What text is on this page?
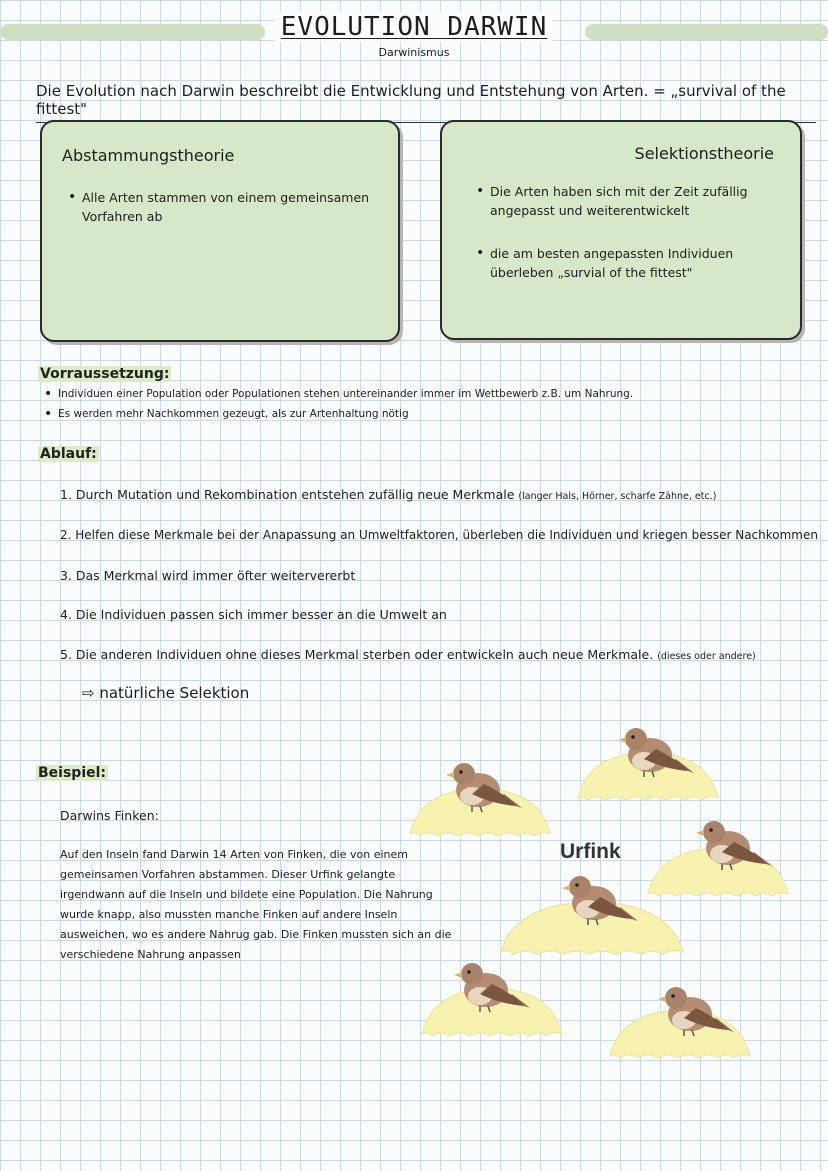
EVOLUTION DARWIN
Darwinismus
Die Evolution nach Darwin beschreibt die Entwicklung und Entstehung von Arten. = „survival of the fittest"
Abstammungstheorie
• Alle Arten stammen von einem gemeinsamen Vorfahren ab
Selektionstheorie
• Die Arten haben sich mit der Zeit zufällig angepasst und weiterentwickelt
• die am besten angepassten Individuen überleben „survial of the fittest"
Vorraussetzung:
• Individuen einer Population oder Populationen stehen untereinander immer im Wettbewerb z.B. um Nahrung.
• Es werden mehr Nachkommen gezeugt, als zur Artenhaltung nötig
Ablauf:
1. Durch Mutation und Rekombination entstehen zufällig neue Merkmale (langer Hals, Hörner, scharfe Zähne, etc.)
2. Helfen diese Merkmale bei der Anapassung an Umweltfaktoren, überleben die Individuen und kriegen besser Nachkommen
3. Das Merkmal wird immer öfter weitervererbt
4. Die Individuen passen sich immer besser an die Umwelt an
5. Die anderen Individuen ohne dieses Merkmal sterben oder entwickeln auch neue Merkmale. (dieses oder andere)
⇨ natürliche Selektion
Beispiel:
Darwins Finken:
Auf den Inseln fand Darwin 14 Arten von Finken, die von einem gemeinsamen Vorfahren abstammen. Dieser Urfink gelangte irgendwann auf die Inseln und bildete eine Population. Die Nahrung wurde knapp, also mussten manche Finken auf andere Inseln ausweichen, wo es andere Nahrug gab. Die Finken mussten sich an die verschiedene Nahrung anpassen
Urfink
